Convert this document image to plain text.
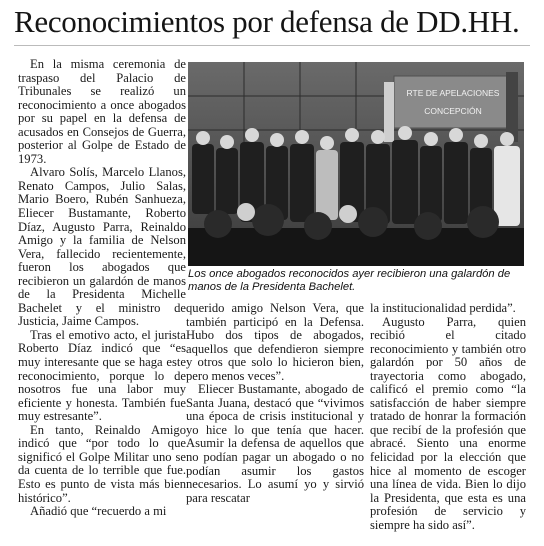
Reconocimientos por defensa de DD.HH.

En la misma ceremonia de traspaso del Palacio de Tribunales se realizó un reconocimiento a once abogados por su papel en la defensa de acusados en Consejos de Guerra, posterior al Golpe de Estado de 1973.

Alvaro Solís, Marcelo Llanos, Renato Campos, Julio Salas, Mario Boero, Rubén Sanhueza, Eliecer Bustamante, Roberto Díaz, Augusto Parra, Reinaldo Amigo y la familia de Nelson Vera, fallecido recientemente, fueron los abogados que recibieron un galardón de manos de la Presidenta Michelle Bachelet y el ministro de Justicia, Jaime Campos.

Tras el emotivo acto, el jurista Roberto Díaz indicó que “es muy interesante que se haga este reconocimiento, porque lo de nosotros fue una labor muy eficiente y honesta. También fue muy estresante”.

En tanto, Reinaldo Amigo indicó que “por todo lo que significó el Golpe Militar uno se da cuenta de lo terrible que fue. Esto es punto de vista más bien histórico”.

Añadió que “recuerdo a mi

RTE DE APELACIONES
CONCEPCIÓN
Los once abogados reconocidos ayer recibieron una galardón de manos de la Presidenta Bachelet.

querido amigo Nelson Vera, que también participó en la Defensa. Hubo dos tipos de abogados, aquellos que defendieron siempre y otros que solo lo hicieron bien, pero menos veces”.

Eliecer Bustamante, abogado de Santa Juana, destacó que “vivimos una época de crisis institucional y yo hice lo que tenía que hacer. Asumir la defensa de aquellos que no podían pagar un abogado o no podían asumir los gastos necesarios. Lo asumí yo y sirvió para rescatar

la institucionalidad perdida”.

Augusto Parra, quien recibió el citado reconocimiento y también otro galardón por 50 años de trayectoria como abogado, calificó el premio como “la satisfacción de haber siempre tratado de honrar la formación que recibí de la profesión que abracé. Siento una enorme felicidad por la elección que hice al momento de escoger una línea de vida. Bien lo dijo la Presidenta, que esta es una profesión de servicio y siempre ha sido así”.
